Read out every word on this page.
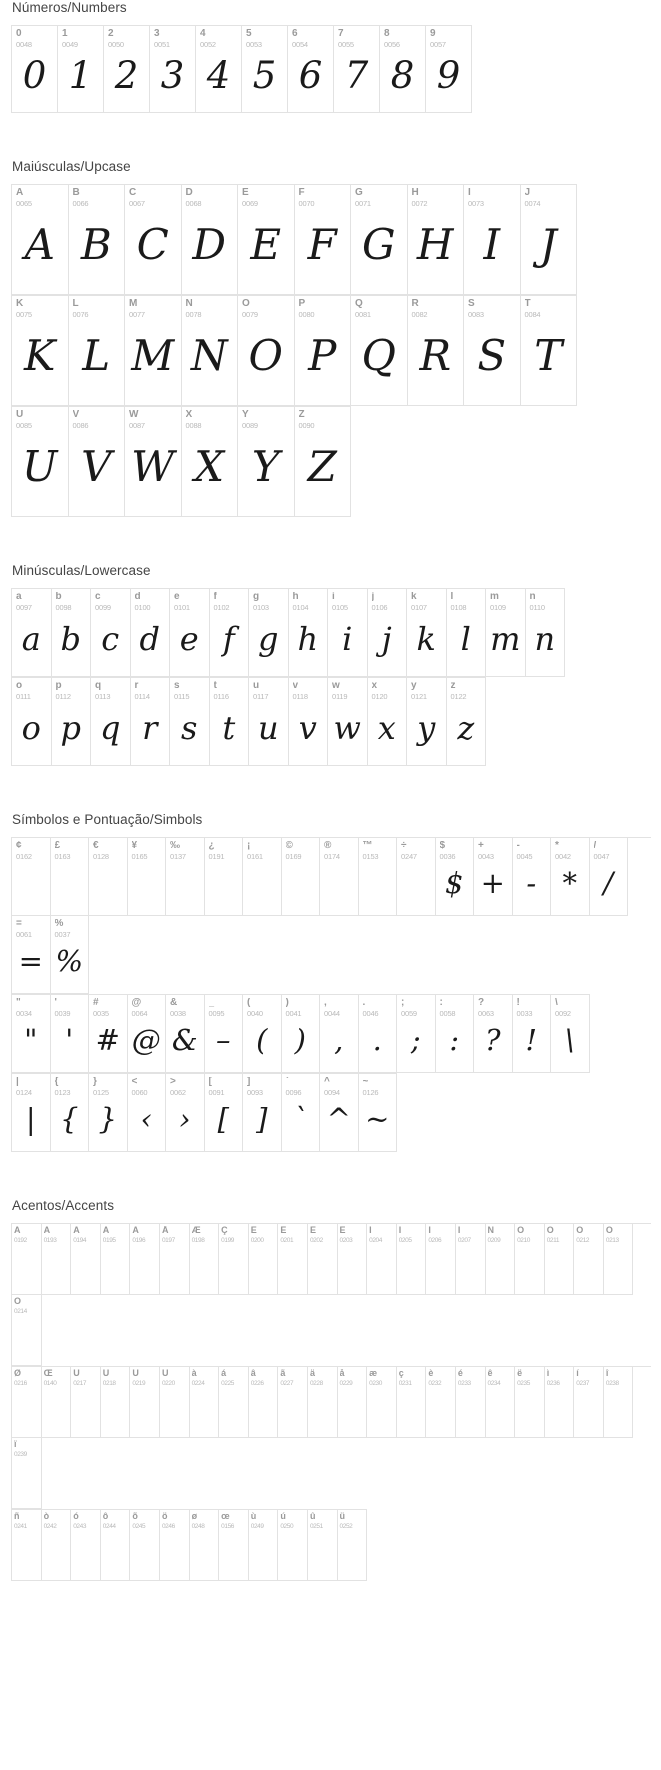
Números/Numbers
0
0048
0
1
0049
1
2
0050
2
3
0051
3
4
0052
4
5
0053
5
6
0054
6
7
0055
7
8
0056
8
9
0057
9
Maiúsculas/Upcase
A
0065
A
B
0066
B
C
0067
C
D
0068
D
E
0069
E
F
0070
F
G
0071
G
H
0072
H
I
0073
I
J
0074
J
K
0075
K
L
0076
L
M
0077
M
N
0078
N
O
0079
O
P
0080
P
Q
0081
Q
R
0082
R
S
0083
S
T
0084
T
U
0085
U
V
0086
V
W
0087
W
X
0088
X
Y
0089
Y
Z
0090
Z
Minúsculas/Lowercase
a
0097
a
b
0098
b
c
0099
c
d
0100
d
e
0101
e
f
0102
f
g
0103
g
h
0104
h
i
0105
i
j
0106
j
k
0107
k
l
0108
l
m
0109
m
n
0110
n
o
0111
o
p
0112
p
q
0113
q
r
0114
r
s
0115
s
t
0116
t
u
0117
u
v
0118
v
w
0119
w
x
0120
x
y
0121
y
z
0122
z
Símbolos e Pontuação/Simbols
¢
0162
£
0163
€
0128
¥
0165
‰
0137
¿
0191
¡
0161
©
0169
®
0174
™
0153
÷
0247
$
0036
$
+
0043
+
-
0045
-
*
0042
*
/
0047
/
=
0061
=
%
0037
%
"
0034
"
'
0039
'
#
0035
#
@
0064
@
&
0038
&
_
0095
–
(
0040
(
)
0041
)
,
0044
,
.
0046
.
;
0059
;
:
0058
:
?
0063
?
!
0033
!
\
0092
\
|
0124
|
{
0123
{
}
0125
}
<
0060
‹
>
0062
›
[
0091
[
]
0093
]
`
0096
`
^
0094
^
~
0126
~
Acentos/Accents
À
0192
Á
0193
Â
0194
Ã
0195
Ä
0196
Å
0197
Æ
0198
Ç
0199
È
0200
É
0201
Ê
0202
Ë
0203
Ì
0204
Í
0205
Î
0206
Ï
0207
Ñ
0209
Ò
0210
Ó
0211
Ô
0212
Õ
0213
Ö
0214
Ø
0216
Œ
0140
Ù
0217
Ú
0218
Û
0219
Ü
0220
à
0224
á
0225
â
0226
ã
0227
ä
0228
å
0229
æ
0230
ç
0231
è
0232
é
0233
ê
0234
ë
0235
ì
0236
í
0237
î
0238
ï
0239
ñ
0241
ò
0242
ó
0243
ô
0244
õ
0245
ö
0246
ø
0248
œ
0156
ù
0249
ú
0250
û
0251
ü
0252
